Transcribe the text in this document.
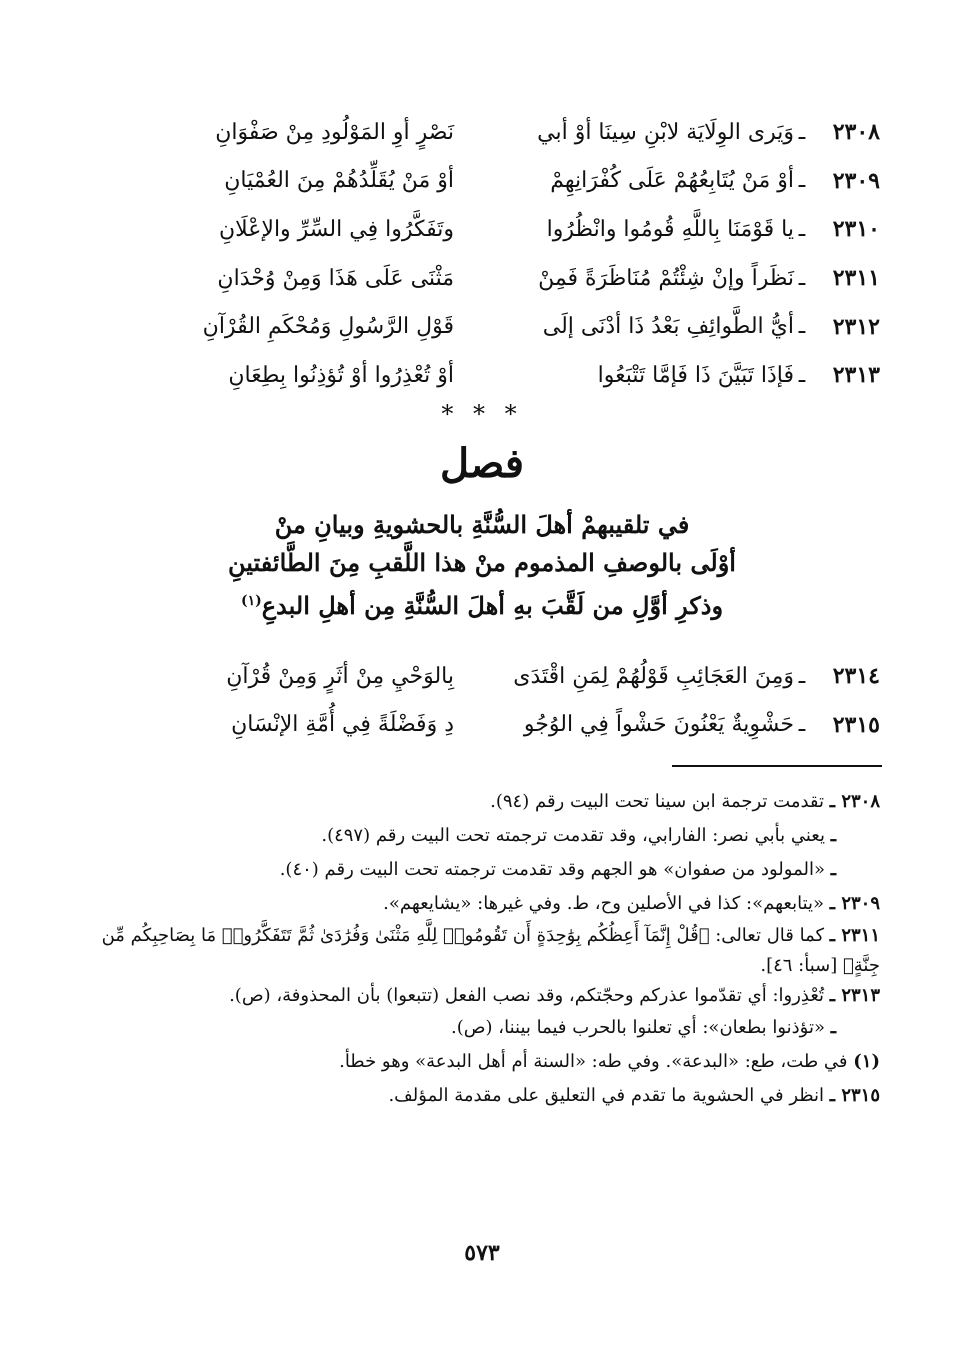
٢٣٠٨
ـ
وَيَرى الوِلَايَة لابْنِ سِينَا أوْ أبي
نَصْرٍ أوِ المَوْلُودِ مِنْ صَفْوَانِ
٢٣٠٩
ـ
أوْ مَنْ يُتَابِعُهُمْ عَلَى كُفْرَانِهِمْ
أوْ مَنْ يُقَلِّدُهُمْ مِنَ العُمْيَانِ
٢٣١٠
ـ
يا قَوْمَنَا بِاللَّهِ قُومُوا وانْظُرُوا
وتَفَكَّرُوا فِي السِّرِّ والإعْلَانِ
٢٣١١
ـ
نَظَراً وإنْ شِئْتُمْ مُنَاظَرَةً فَمِنْ
مَثْنَى عَلَى هَذَا وَمِنْ وُحْدَانِ
٢٣١٢
ـ
أيُّ الطَّوائِفِ بَعْدُ ذَا أدْنَى إلَى
قَوْلِ الرَّسُولِ وَمُحْكَمِ القُرْآنِ
٢٣١٣
ـ
فَإذَا تَبَيَّنَ ذَا فَإمَّا تَتْبَعُوا
أوْ تُعْذِرُوا أوْ تُؤذِنُوا بِطِعَانِ
* * *
فصل
في تلقيبهمْ أهلَ السُّنَّةِ بالحشويةِ وبيانِ منْ
أوْلَى بالوصفِ المذموم منْ هذا اللَّقبِ مِنَ الطَّائفتينِ
وذكرِ أوَّلِ من لَقَّبَ بهِ أهلَ السُّنَّةِ مِن أهلِ البدعِ$^{(١)}$
٢٣١٤
ـ
وَمِنَ العَجَائِبِ قَوْلُهُمْ لِمَنِ اقْتَدَى
بِالوَحْيِ مِنْ أثَرٍ وَمِنْ قُرْآنِ
٢٣١٥
ـ
حَشْوِيةٌ يَعْنُونَ حَشْواً فِي الوُجُو
دِ وَفَضْلَةً فِي أُمَّةِ الإنْسَانِ
٢٣٠٨ ـ تقدمت ترجمة ابن سينا تحت البيت رقم (٩٤).
ـ يعني بأبي نصر: الفارابي، وقد تقدمت ترجمته تحت البيت رقم (٤٩٧).
ـ «المولود من صفوان» هو الجهم وقد تقدمت ترجمته تحت البيت رقم (٤٠).
٢٣٠٩ ـ «يتابعهم»: كذا في الأصلين وح، ط. وفي غيرها: «يشايعهم».
٢٣١١ ـ كما قال تعالى: ﴿قُلْ إِنَّمَآ أَعِظُكُم بِوَٰحِدَةٍ أَن تَقُومُوا۟ لِلَّهِ مَثْنَىٰ وَفُرَٰدَىٰ ثُمَّ تَتَفَكَّرُوا۟ مَا بِصَاحِبِكُم مِّن جِنَّةٍ﴾ [سبأ: ٤٦].
٢٣١٣ ـ تُعْذِروا: أي تقدّموا عذركم وحجّتكم، وقد نصب الفعل (تتبعوا) بأن المحذوفة، (ص).
ـ «تؤذنوا بطعان»: أي تعلنوا بالحرب فيما بيننا، (ص).
(١) في طت، طع: «البدعة». وفي طه: «السنة أم أهل البدعة» وهو خطأ.
٢٣١٥ ـ انظر في الحشوية ما تقدم في التعليق على مقدمة المؤلف.
٥٧٣
